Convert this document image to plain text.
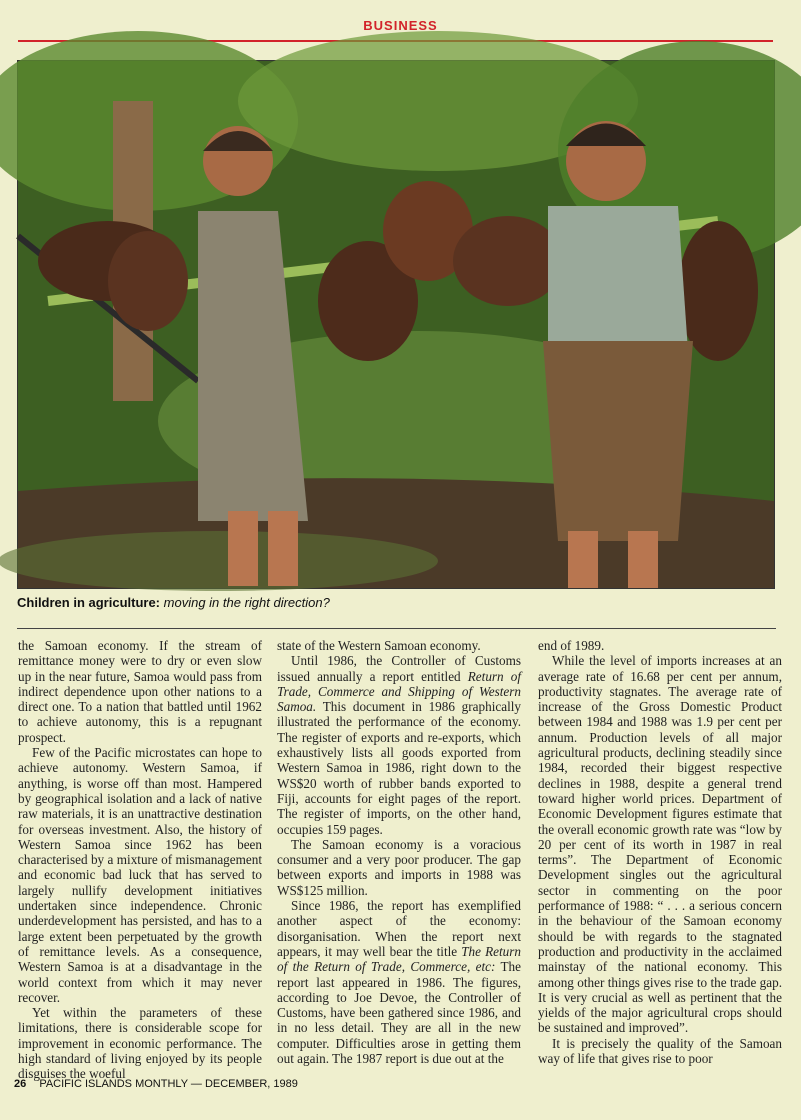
BUSINESS
Children in agriculture: moving in the right direction?

the Samoan economy. If the stream of remittance money were to dry or even slow up in the near future, Samoa would pass from indirect dependence upon other nations to a direct one. To a nation that battled until 1962 to achieve autonomy, this is a repugnant prospect.

Few of the Pacific microstates can hope to achieve autonomy. Western Samoa, if anything, is worse off than most. Hampered by geographical isolation and a lack of native raw materials, it is an unattractive destination for overseas investment. Also, the history of Western Samoa since 1962 has been characterised by a mixture of mismanagement and economic bad luck that has served to largely nullify development initiatives undertaken since independence. Chronic underdevelopment has persisted, and has to a large extent been perpetuated by the growth of remittance levels. As a consequence, Western Samoa is at a disadvantage in the world context from which it may never recover.

Yet within the parameters of these limitations, there is considerable scope for improvement in economic performance. The high standard of living enjoyed by its people disguises the woeful

state of the Western Samoan economy.

Until 1986, the Controller of Customs issued annually a report entitled Return of Trade, Commerce and Shipping of Western Samoa. This document in 1986 graphically illustrated the performance of the economy. The register of exports and re-exports, which exhaustively lists all goods exported from Western Samoa in 1986, right down to the WS$20 worth of rubber bands exported to Fiji, accounts for eight pages of the report. The register of imports, on the other hand, occupies 159 pages.

The Samoan economy is a voracious consumer and a very poor producer. The gap between exports and imports in 1988 was WS$125 million.

Since 1986, the report has exemplified another aspect of the economy: disorganisation. When the report next appears, it may well bear the title The Return of the Return of Trade, Commerce, etc: The report last appeared in 1986. The figures, according to Joe Devoe, the Controller of Customs, have been gathered since 1986, and in no less detail. They are all in the new computer. Difficulties arose in getting them out again. The 1987 report is due out at the

end of 1989.

While the level of imports increases at an average rate of 16.68 per cent per annum, productivity stagnates. The average rate of increase of the Gross Domestic Product between 1984 and 1988 was 1.9 per cent per annum. Production levels of all major agricultural products, declining steadily since 1984, recorded their biggest respective declines in 1988, despite a general trend toward higher world prices. Department of Economic Development figures estimate that the overall economic growth rate was “low by 20 per cent of its worth in 1987 in real terms”. The Department of Economic Development singles out the agricultural sector in commenting on the poor performance of 1988: “ . . . a serious concern in the behaviour of the Samoan economy should be with regards to the stagnated production and productivity in the acclaimed mainstay of the national economy. This among other things gives rise to the trade gap. It is very crucial as well as pertinent that the yields of the major agricultural crops should be sustained and improved”.

It is precisely the quality of the Samoan way of life that gives rise to poor

26 PACIFIC ISLANDS MONTHLY — DECEMBER, 1989
